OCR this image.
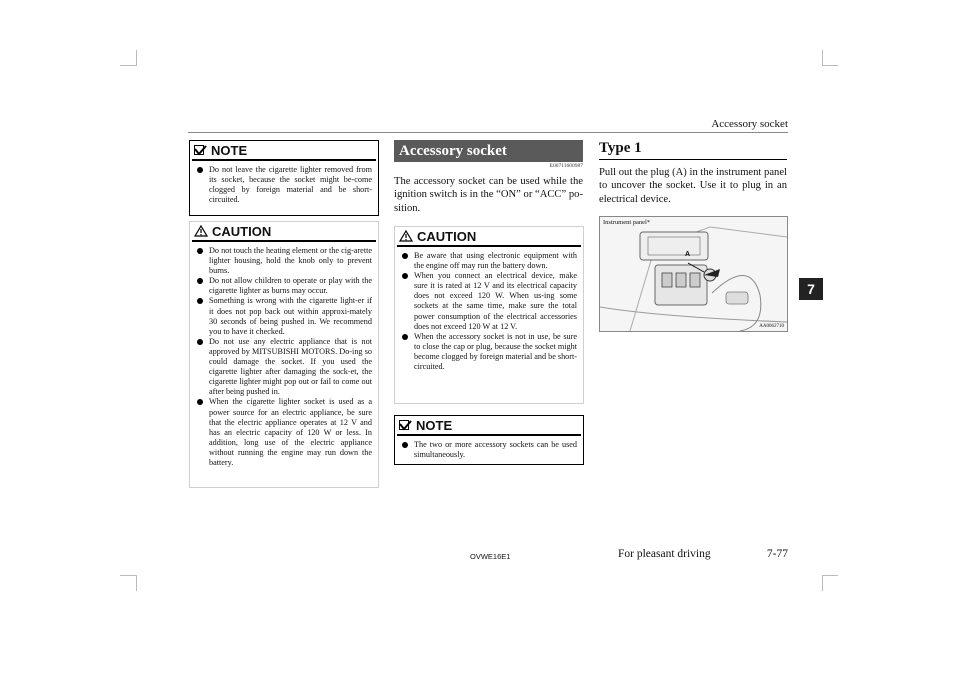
Accessory socket
7
NOTE
Do not leave the cigarette lighter removed from its socket, because the socket might be-come clogged by foreign material and be short-circuited.
CAUTION
Do not touch the heating element or the cig-arette lighter housing, hold the knob only to prevent burns.
Do not allow children to operate or play with the cigarette lighter as burns may occur.
Something is wrong with the cigarette light-er if it does not pop back out within approxi-mately 30 seconds of being pushed in. We recommend you to have it checked.
Do not use any electric appliance that is not approved by MITSUBISHI MOTORS. Do-ing so could damage the socket. If you used the cigarette lighter after damaging the sock-et, the cigarette lighter might pop out or fail to come out after being pushed in.
When the cigarette lighter socket is used as a power source for an electric appliance, be sure that the electric appliance operates at 12 V and has an electric capacity of 120 W or less. In addition, long use of the electric appliance without running the engine may run down the battery.
Accessory socket
E00711600987
The accessory socket can be used while the ignition switch is in the “ON” or “ACC” po-sition.
CAUTION
Be aware that using electronic equipment with the engine off may run the battery down.
When you connect an electrical device, make sure it is rated at 12 V and its electrical capacity does not exceed 120 W. When us-ing some sockets at the same time, make sure the total power consumption of the electrical accessories does not exceed 120 W at 12 V.
When the accessory socket is not in use, be sure to close the cap or plug, because the socket might become clogged by foreign material and be short-circuited.
NOTE
The two or more accessory sockets can be used simultaneously.
Type 1
Pull out the plug (A) in the instrument panel to uncover the socket. Use it to plug in an electrical device.
Instrument panel*
A
AA0062710
OVWE16E1	For pleasant driving	7-77
